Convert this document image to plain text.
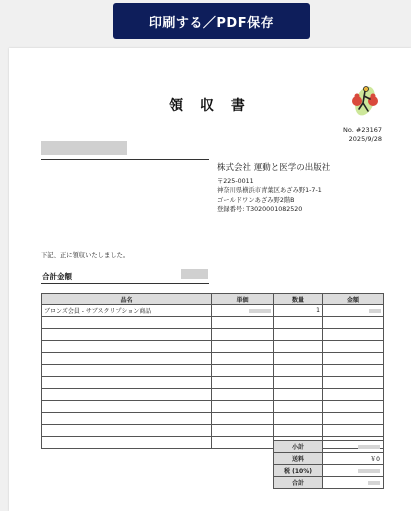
印刷する／PDF保存
領 収 書
No. #23167
2025/9/28
株式会社 運動と医学の出版社
〒225-0011
神奈川県横浜市青葉区あざみ野1-7-1
ゴールドワンあざみ野2階B
登録番号: T3020001082520
下記、正に領収いたしました。
合計金額
品名	単価	数量	金額
ブロンズ会員 - サブスクリプション商品		1	

小計	
送料	￥0
税 (10%)	
合計	
